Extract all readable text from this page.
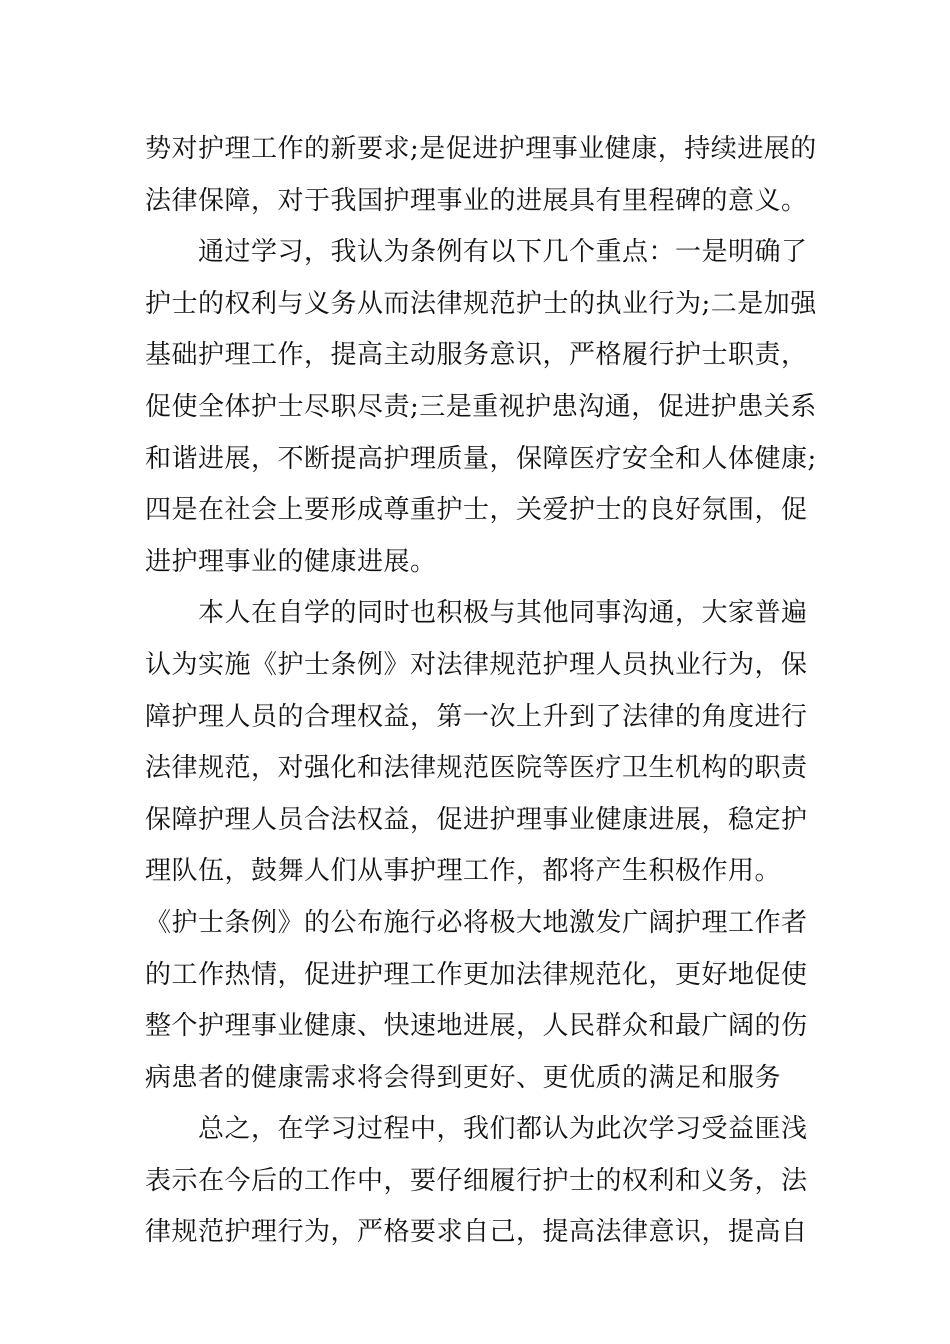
势对护理工作的新要求;是促进护理事业健康，持续进展的
法律保障，对于我国护理事业的进展具有里程碑的意义。
　　通过学习，我认为条例有以下几个重点：一是明确了
护士的权利与义务从而法律规范护士的执业行为;二是加强
基础护理工作，提高主动服务意识，严格履行护士职责，
促使全体护士尽职尽责;三是重视护患沟通，促进护患关系
和谐进展，不断提高护理质量，保障医疗安全和人体健康;
四是在社会上要形成尊重护士，关爱护士的良好氛围，促
进护理事业的健康进展。
　　本人在自学的同时也积极与其他同事沟通，大家普遍
认为实施《护士条例》对法律规范护理人员执业行为，保
障护理人员的合理权益，第一次上升到了法律的角度进行
法律规范，对强化和法律规范医院等医疗卫生机构的职责
保障护理人员合法权益，促进护理事业健康进展，稳定护
理队伍，鼓舞人们从事护理工作，都将产生积极作用。
《护士条例》的公布施行必将极大地激发广阔护理工作者
的工作热情，促进护理工作更加法律规范化，更好地促使
整个护理事业健康、快速地进展，人民群众和最广阔的伤
病患者的健康需求将会得到更好、更优质的满足和服务
　　总之，在学习过程中，我们都认为此次学习受益匪浅
表示在今后的工作中，要仔细履行护士的权利和义务，法
律规范护理行为，严格要求自己，提高法律意识，提高自
